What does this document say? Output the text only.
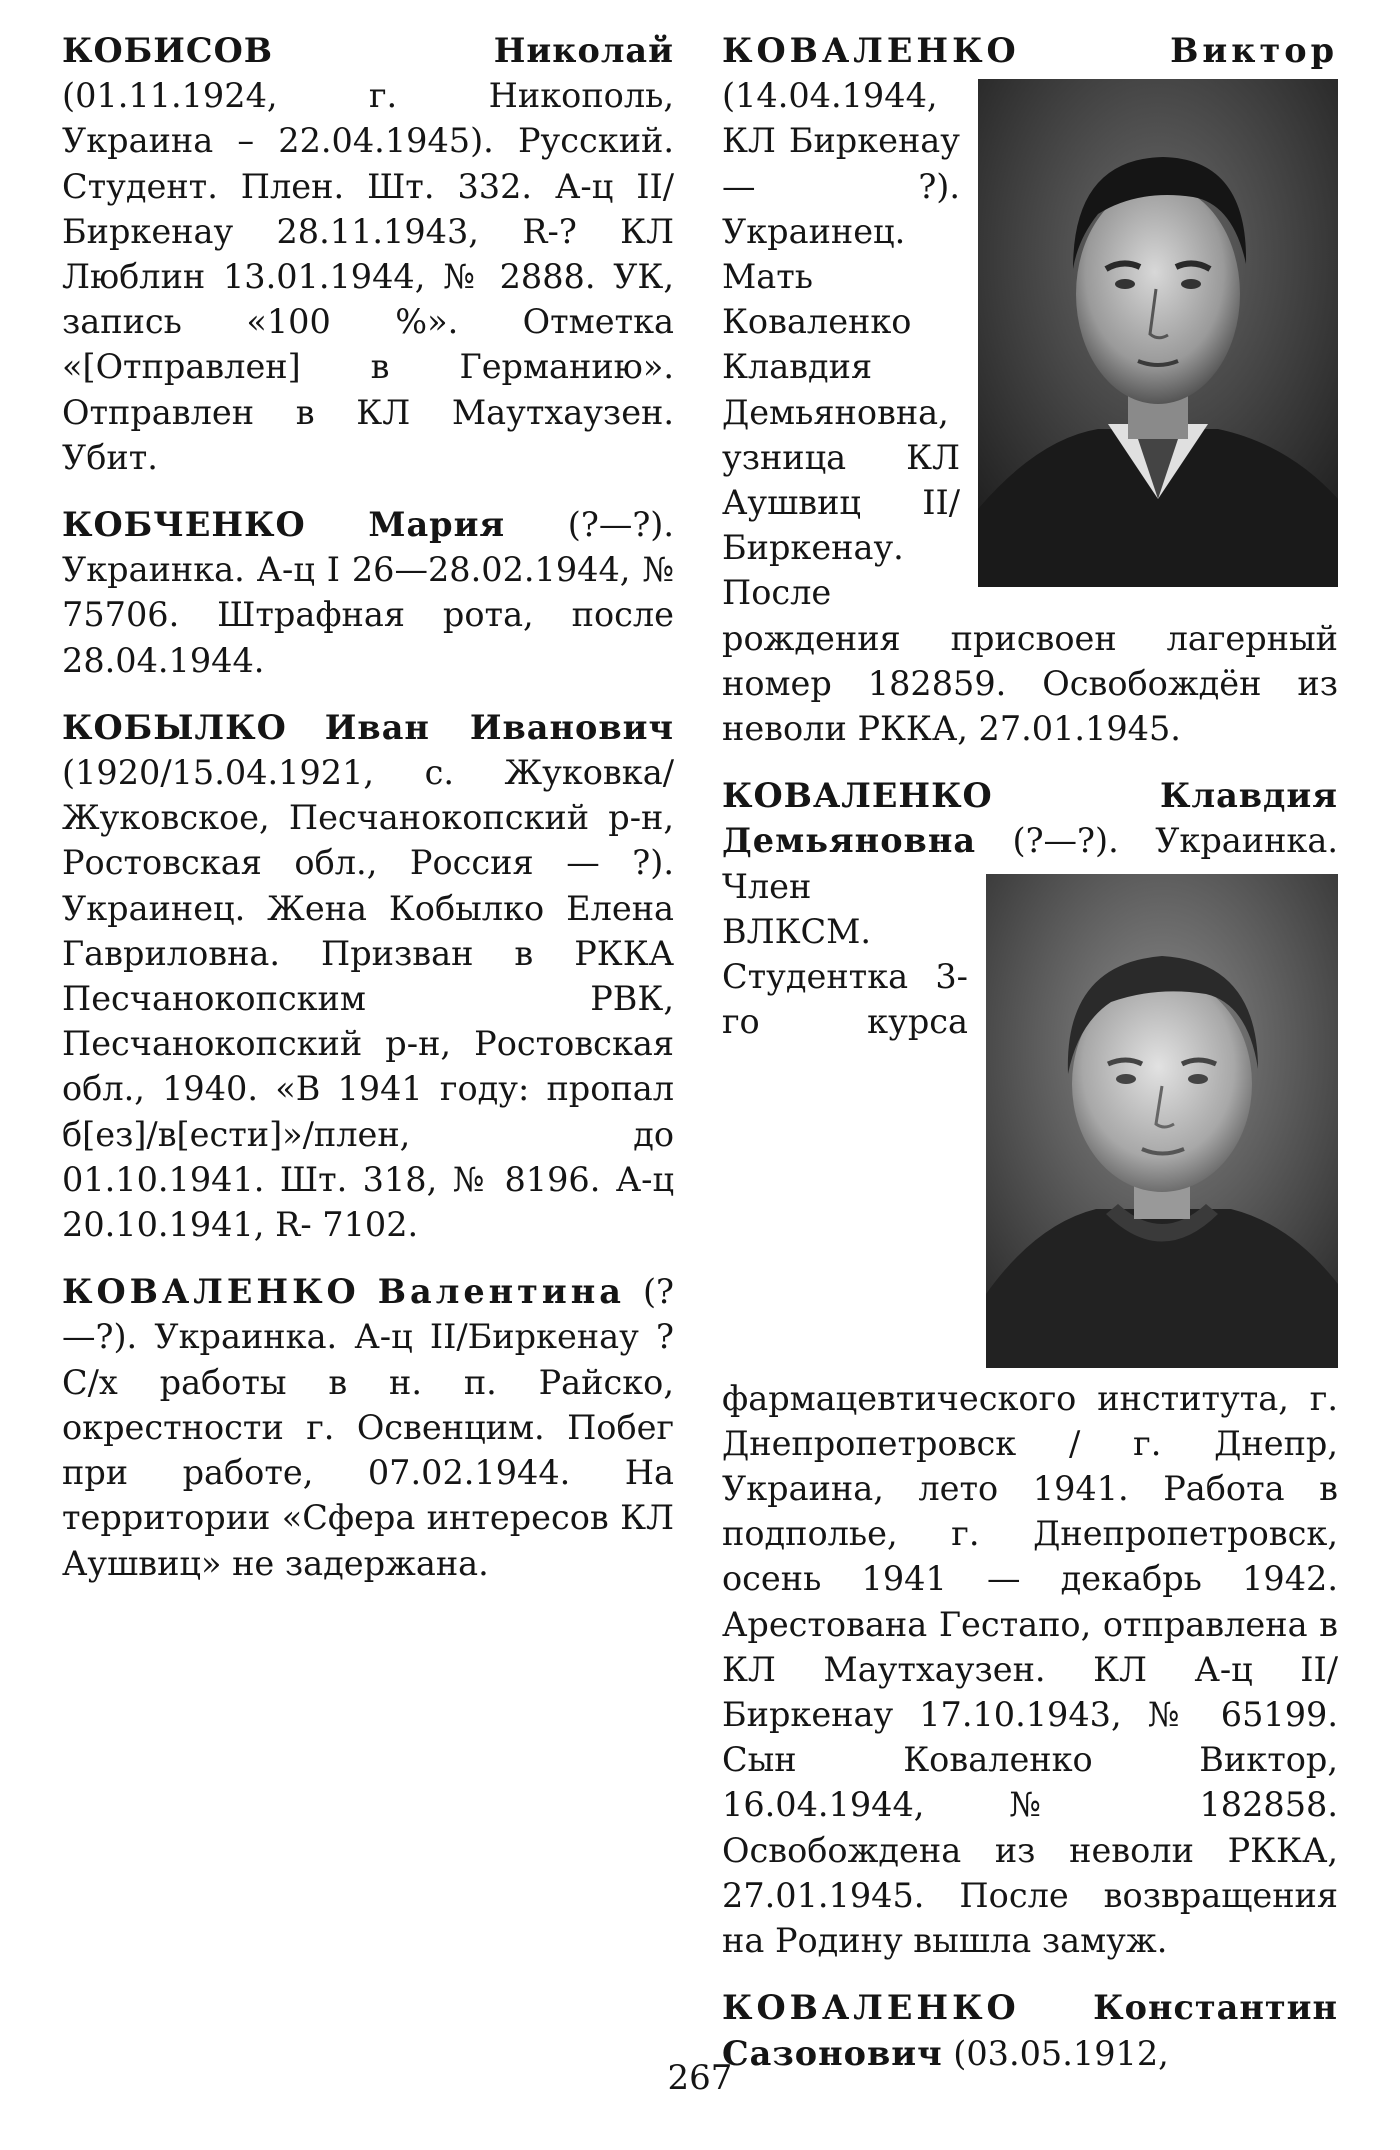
КОБИСОВ	Николай (01.11.1924, г. Никополь, Украина – 22.04.1945). Русский. Студент. Плен. Шт. 332. А-ц II/Биркенау 28.11.1943, R-? КЛ Люблин 13.01.1944, № 2888. УК, запись «100 %». Отметка «[Отправлен] в Германию». Отправлен в КЛ Маутхаузен. Убит.

КОБЧЕНКО Мария (?—?). Украинка. А-ц I 26—28.02.1944, № 75706. Штрафная рота, после 28.04.1944.

КОБЫЛКО Иван Иванович (1920/15.04.1921, с. Жуковка/Жуковское, Песчанокопский р-н, Ростовская обл., Россия — ?). Украинец. Жена Кобылко Елена Гавриловна. Призван в РККА Песчанокопским РВК, Песчанокопский р-н, Ростовская обл., 1940. «В 1941 году: пропал б[ез]/в[ести]»/плен, до 01.10.1941. Шт. 318, № 8196. А-ц 20.10.1941, R- 7102.

КОВАЛЕНКО Валентина (?—?). Украинка. А-ц II/Биркенау ? С/х работы в н. п. Райско, окрестности г. Освенцим. Побег при работе, 07.02.1944. На территории «Сфера интересов КЛ Аушвиц» не задержана.

КОВАЛЕНКО	Виктор
(14.04.1944, КЛ Биркенау — ?). Украинец. Мать Коваленко Клавдия Демьяновна, узница КЛ Аушвиц II/Биркенау. После рождения присвоен лагерный номер 182859. Освобождён из неволи РККА, 27.01.1945.

КОВАЛЕНКО	Клавдия Демьяновна
(?—?). Украинка. Член ВЛКСМ. Студентка 3-го курса фармацевтического института, г. Днепропетровск / г. Днепр, Украина, лето 1941. Работа в подполье, г. Днепропетровск, осень 1941 — декабрь 1942. Арестована Гестапо, отправлена в КЛ Маутхаузен. КЛ А-ц II/Биркенау 17.10.1943, № 65199. Сын Коваленко Виктор, 16.04.1944, № 182858. Освобождена из неволи РККА, 27.01.1945. После возвращения на Родину вышла замуж.

КОВАЛЕНКО Константин Сазонович (03.05.1912,

267
